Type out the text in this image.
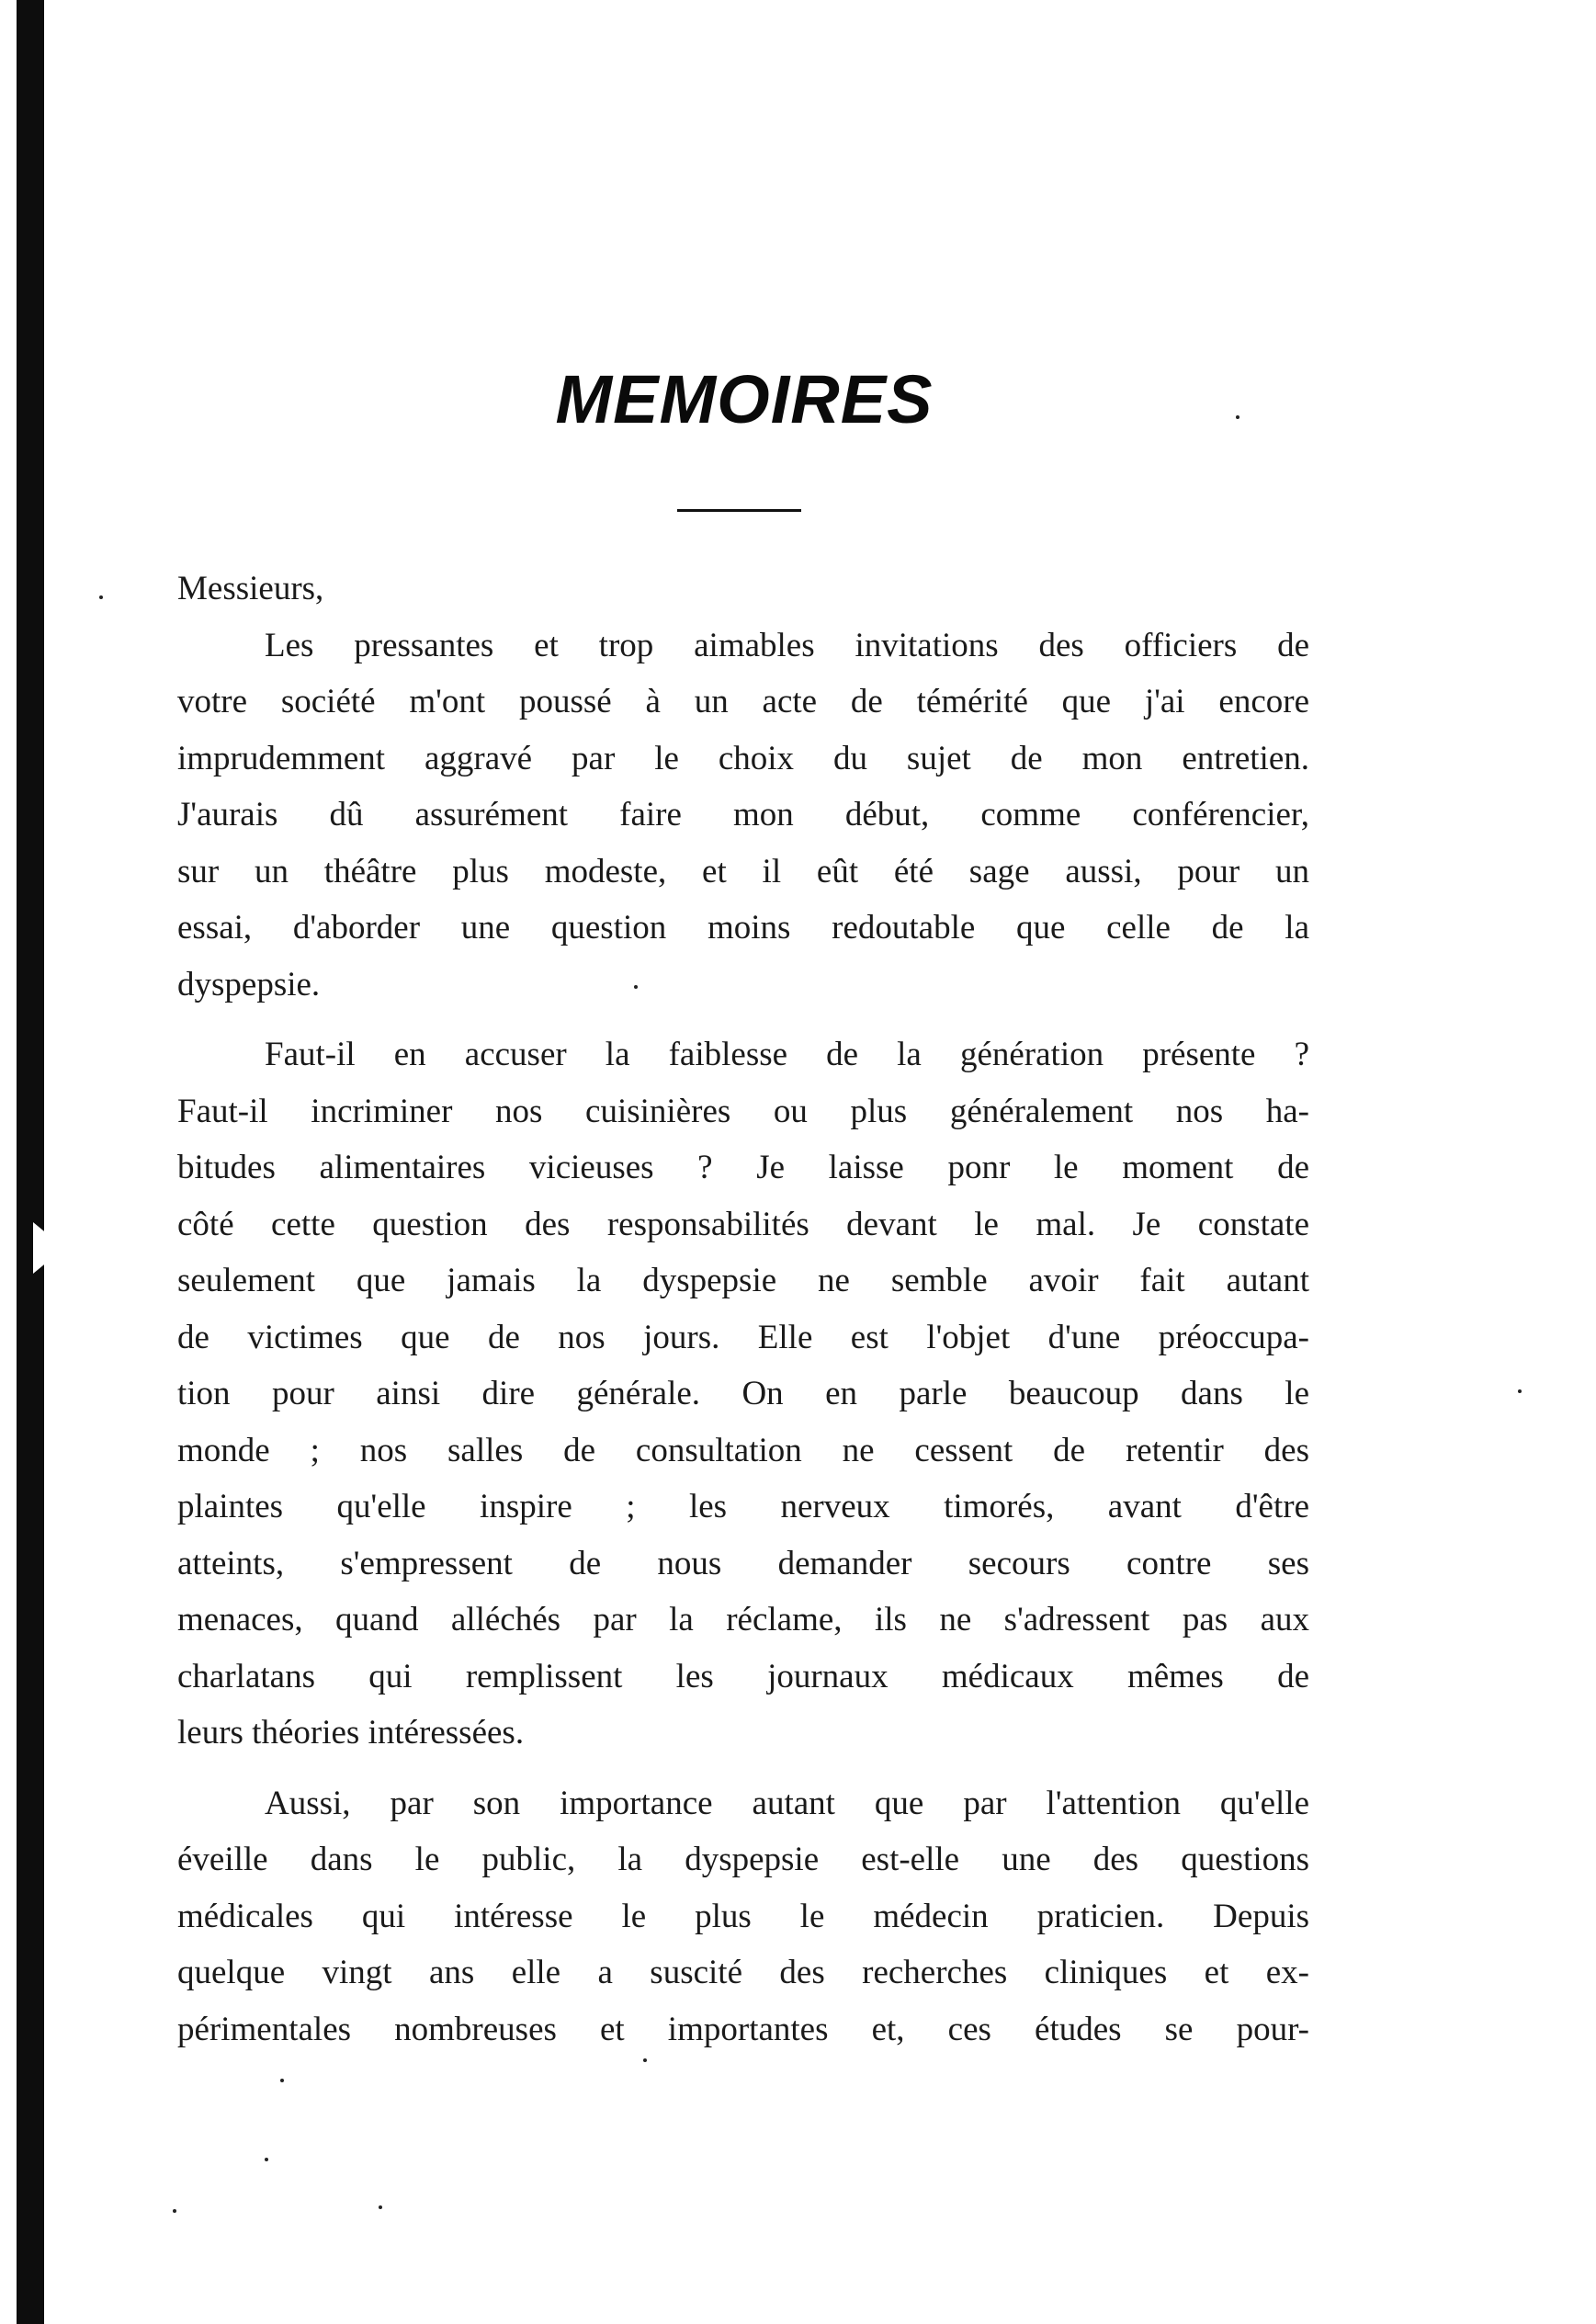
MEMOIRES
Messieurs,
Les pressantes et trop aimables invitations des officiers de
votre société m'ont poussé à un acte de témérité que j'ai encore
imprudemment aggravé par le choix du sujet de mon entretien.
J'aurais dû assurément faire mon début, comme conférencier,
sur un théâtre plus modeste, et il eût été sage aussi, pour un
essai, d'aborder une question moins redoutable que celle de la
dyspepsie.
Faut-il en accuser la faiblesse de la génération présente ?
Faut-il incriminer nos cuisinières ou plus généralement nos ha-
bitudes alimentaires vicieuses ? Je laisse ponr le moment de
côté cette question des responsabilités devant le mal. Je constate
seulement que jamais la dyspepsie ne semble avoir fait autant
de victimes que de nos jours. Elle est l'objet d'une préoccupa-
tion pour ainsi dire générale. On en parle beaucoup dans le
monde ; nos salles de consultation ne cessent de retentir des
plaintes qu'elle inspire ; les nerveux timorés, avant d'être
atteints, s'empressent de nous demander secours contre ses
menaces, quand alléchés par la réclame, ils ne s'adressent pas aux
charlatans qui remplissent les journaux médicaux mêmes de
leurs théories intéressées.
Aussi, par son importance autant que par l'attention qu'elle
éveille dans le public, la dyspepsie est-elle une des questions
médicales qui intéresse le plus le médecin praticien. Depuis
quelque vingt ans elle a suscité des recherches cliniques et ex-
périmentales nombreuses et importantes et, ces études se pour-
